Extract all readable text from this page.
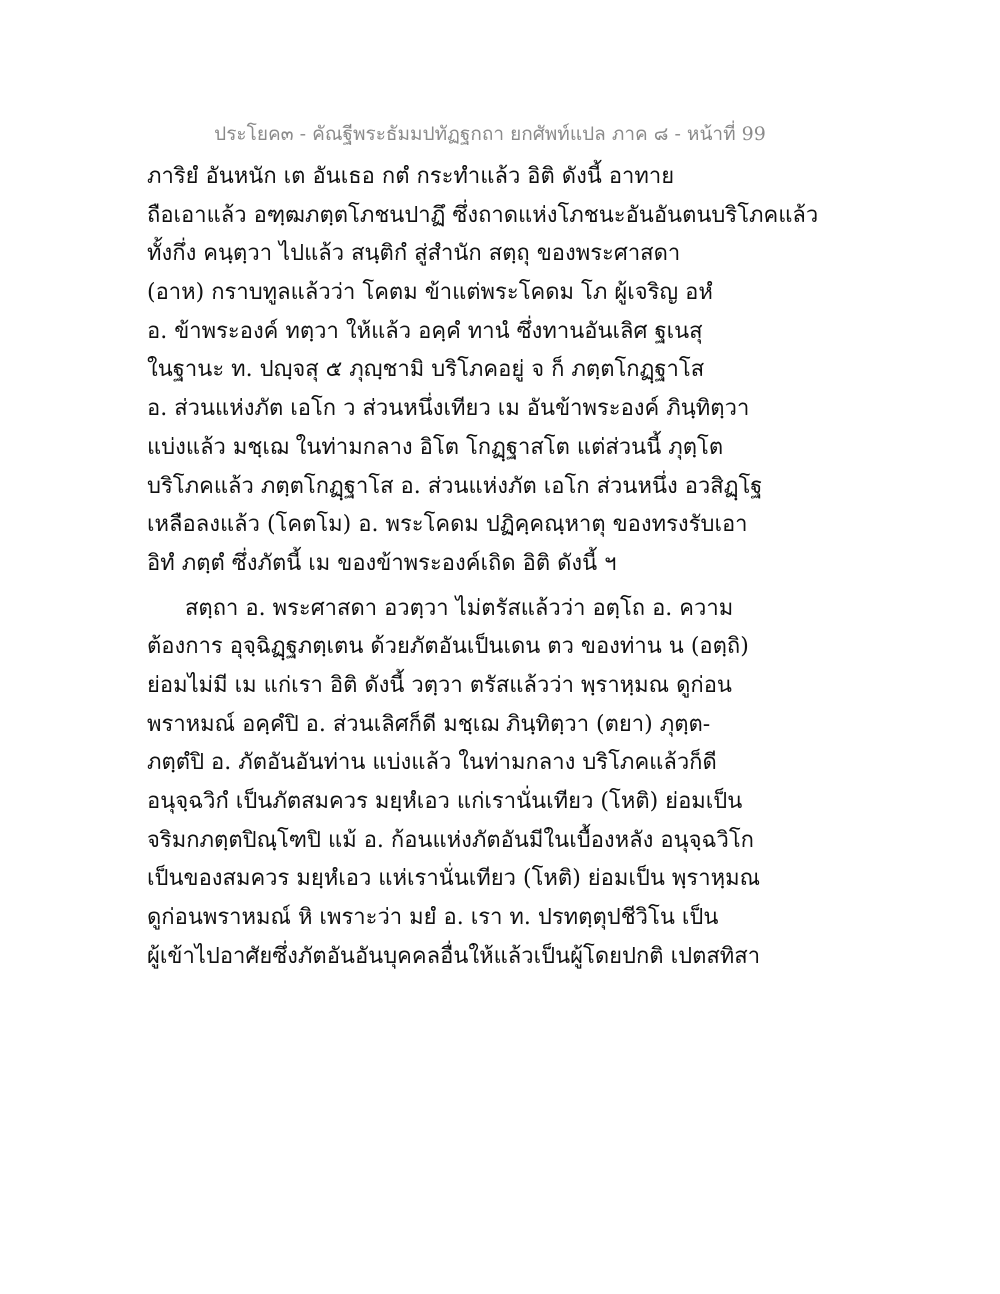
ประโยค๓ - คัณฐีพระธัมมปทัฏฐกถา ยกศัพท์แปล ภาค ๘ - หน้าที่ 99
ภาริยํ อันหนัก เต อันเธอ กตํ กระทำแล้ว อิติ ดังนี้ อาทาย
ถือเอาแล้ว อฑฺฒภตฺตโภชนปาฏึ ซึ่งถาดแห่งโภชนะอันอันตนบริโภคแล้ว
ทั้งกึ่ง คนฺตฺวา ไปแล้ว สนฺติกํ สู่สำนัก สตฺถุ ของพระศาสดา
(อาห) กราบทูลแล้วว่า โคตม ข้าแต่พระโคดม โภ ผู้เจริญ อหํ
อ. ข้าพระองค์ ทตฺวา ให้แล้ว อคฺคํ ทานํ ซึ่งทานอันเลิศ ฐเนสุ
ในฐานะ ท. ปญฺจสุ ๕ ภุญฺชามิ บริโภคอยู่ จ ก็ ภตฺตโกฏฺฐาโส
อ. ส่วนแห่งภัต เอโก ว ส่วนหนึ่งเทียว เม อันข้าพระองค์ ภินฺทิตฺวา
แบ่งแล้ว มชฺเฌ ในท่ามกลาง อิโต โกฏฺฐาสโต แต่ส่วนนี้ ภุตฺโต
บริโภคแล้ว ภตฺตโกฏฺฐาโส อ. ส่วนแห่งภัต เอโก ส่วนหนึ่ง อวสิฏฺโฐ
เหลือลงแล้ว (โคตโม) อ. พระโคดม ปฏิคฺคณฺหาตุ ของทรงรับเอา
อิทํ ภตฺตํ ซึ่งภัตนี้ เม ของข้าพระองค์เถิด อิติ ดังนี้ ฯ
สตฺถา อ. พระศาสดา อวตฺวา ไม่ตรัสแล้วว่า อตฺโถ อ. ความ
ต้องการ อุจฺฉิฏฺฐภตฺเตน ด้วยภัตอันเป็นเดน ตว ของท่าน น (อตฺถิ)
ย่อมไม่มี เม แก่เรา อิติ ดังนี้ วตฺวา ตรัสแล้วว่า พฺราหฺมณ ดูก่อน
พราหมณ์ อคฺคํปิ อ. ส่วนเลิศก็ดี มชฺเฌ ภินฺทิตฺวา (ตยา) ภุตฺต-
ภตฺตํปิ อ. ภัตอันอันท่าน แบ่งแล้ว ในท่ามกลาง บริโภคแล้วก็ดี
อนุจฺฉวิกํ เป็นภัตสมควร มยฺหํเอว แก่เรานั่นเทียว (โหติ) ย่อมเป็น
จริมกภตฺตปิณฺโฑปิ แม้ อ. ก้อนแห่งภัตอันมีในเบื้องหลัง อนุจฺฉวิโก
เป็นของสมควร มยฺหํเอว แห่เรานั่นเทียว (โหติ) ย่อมเป็น พฺราหฺมณ
ดูก่อนพราหมณ์ หิ เพราะว่า มยํ อ. เรา ท. ปรทตฺตุปชีวิโน เป็น
ผู้เข้าไปอาศัยซึ่งภัตอันอันบุคคลอื่นให้แล้วเป็นผู้โดยปกติ เปตสทิสา
